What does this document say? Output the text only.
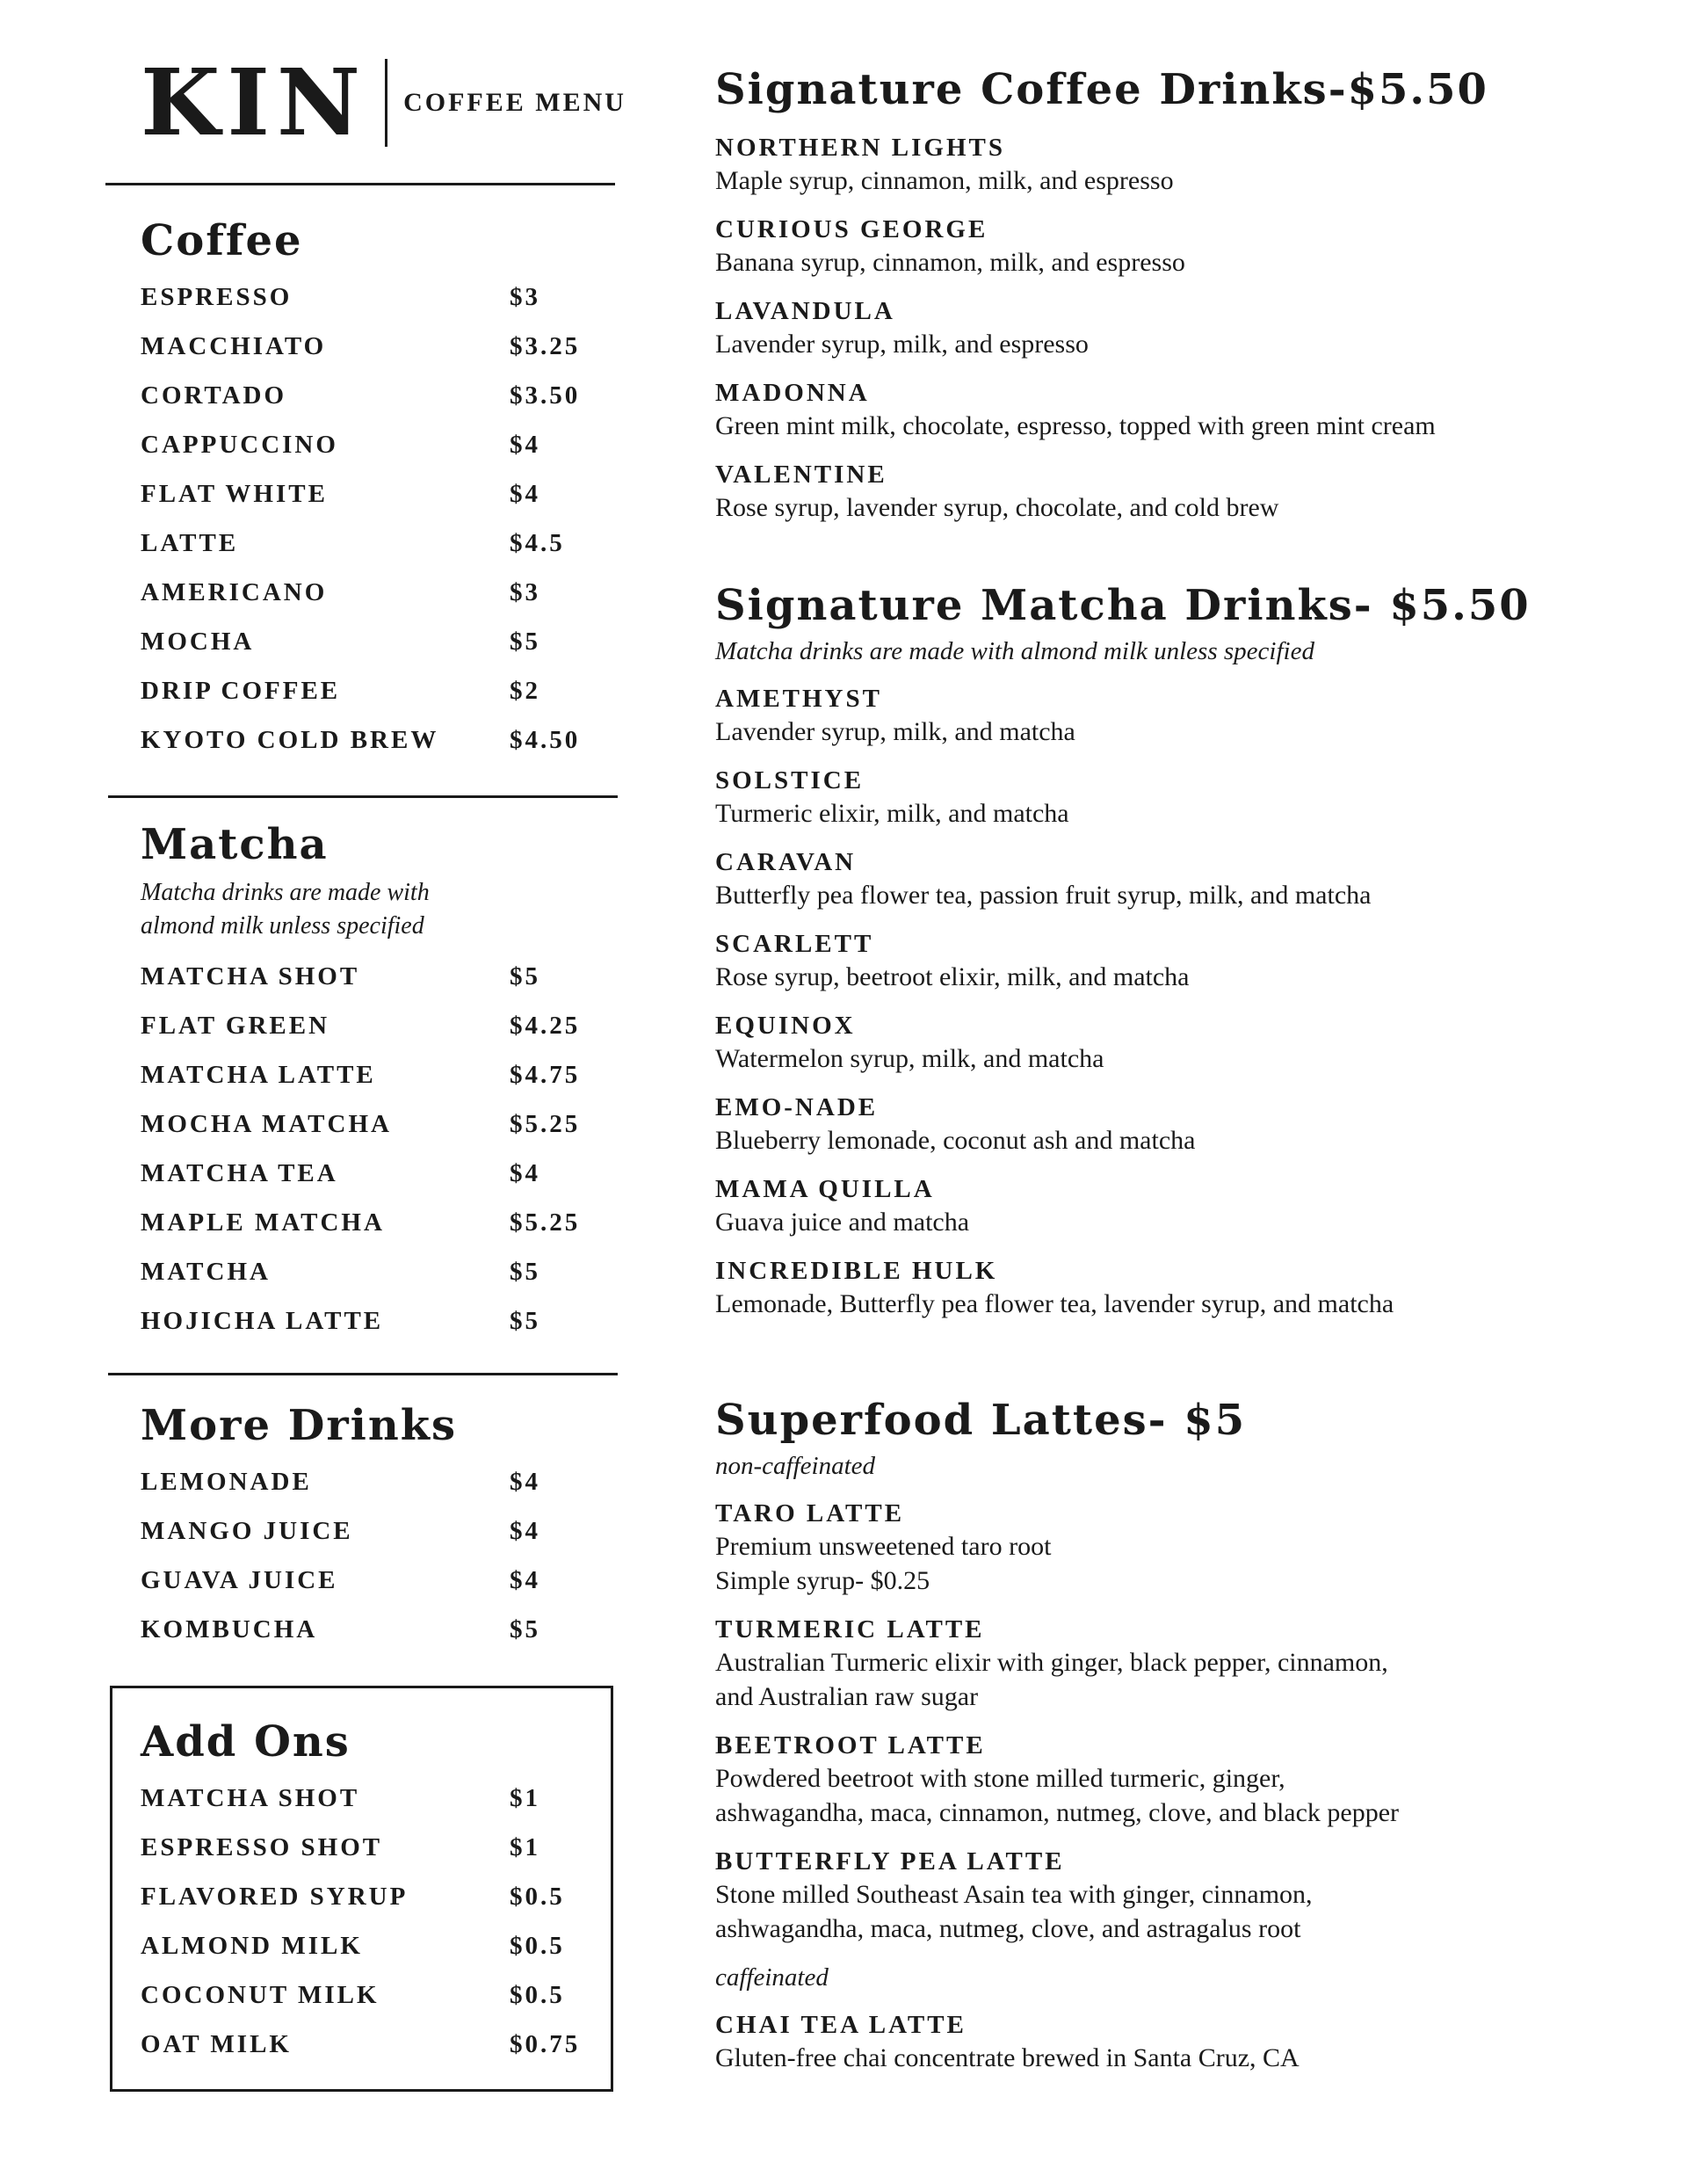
KIN COFFEE MENU
Coffee
ESPRESSO	$3
MACCHIATO	$3.25
CORTADO	$3.50
CAPPUCCINO	$4
FLAT WHITE	$4
LATTE	$4.5
AMERICANO	$3
MOCHA	$5
DRIP COFFEE	$2
KYOTO COLD BREW	$4.50
Matcha
Matcha drinks are made with
almond milk unless specified
MATCHA SHOT	$5
FLAT GREEN	$4.25
MATCHA LATTE	$4.75
MOCHA MATCHA	$5.25
MATCHA TEA	$4
MAPLE MATCHA	$5.25
MATCHA	$5
HOJICHA LATTE	$5
More Drinks
LEMONADE	$4
MANGO JUICE	$4
GUAVA JUICE	$4
KOMBUCHA	$5
Add Ons
MATCHA SHOT	$1
ESPRESSO SHOT	$1
FLAVORED SYRUP	$0.5
ALMOND MILK	$0.5
COCONUT MILK	$0.5
OAT MILK	$0.75
Signature Coffee Drinks-$5.50
NORTHERN LIGHTS
Maple syrup, cinnamon, milk, and espresso
CURIOUS GEORGE
Banana syrup, cinnamon, milk, and espresso
LAVANDULA
Lavender syrup, milk, and espresso
MADONNA
Green mint milk, chocolate, espresso, topped with green mint cream
VALENTINE
Rose syrup, lavender syrup, chocolate, and cold brew
Signature Matcha Drinks- $5.50
Matcha drinks are made with almond milk unless specified
AMETHYST
Lavender syrup, milk, and matcha
SOLSTICE
Turmeric elixir, milk, and matcha
CARAVAN
Butterfly pea flower tea, passion fruit syrup, milk, and matcha
SCARLETT
Rose syrup, beetroot elixir, milk, and matcha
EQUINOX
Watermelon syrup, milk, and matcha
EMO-NADE
Blueberry lemonade, coconut ash and matcha
MAMA QUILLA
Guava juice and matcha
INCREDIBLE HULK
Lemonade, Butterfly pea flower tea, lavender syrup, and matcha
Superfood Lattes- $5
non-caffeinated
TARO LATTE
Premium unsweetened taro root
Simple syrup- $0.25
TURMERIC LATTE
Australian Turmeric elixir with ginger, black pepper, cinnamon,
and Australian raw sugar
BEETROOT LATTE
Powdered beetroot with stone milled turmeric, ginger,
ashwagandha, maca, cinnamon, nutmeg, clove, and black pepper
BUTTERFLY PEA LATTE
Stone milled Southeast Asain tea with ginger, cinnamon,
ashwagandha, maca, nutmeg, clove, and astragalus root
caffeinated
CHAI TEA LATTE
Gluten-free chai concentrate brewed in Santa Cruz, CA
